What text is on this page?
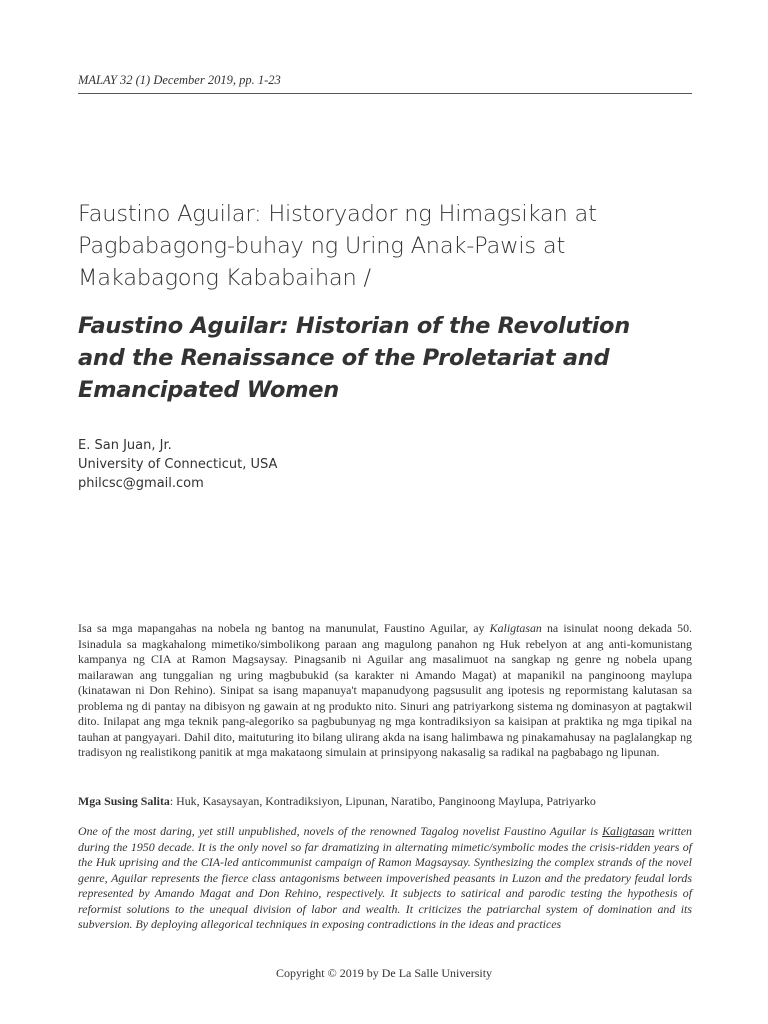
MALAY 32 (1) December 2019, pp. 1-23
Faustino Aguilar: Historyador ng Himagsikan at Pagbabagong-buhay ng Uring Anak-Pawis at Makabagong Kababaihan /
Faustino Aguilar: Historian of the Revolution and the Renaissance of the Proletariat and Emancipated Women
E. San Juan, Jr.
University of Connecticut, USA
philcsc@gmail.com

Isa sa mga mapangahas na nobela ng bantog na manunulat, Faustino Aguilar, ay Kaligtasan na isinulat noong dekada 50. Isinadula sa magkahalong mimetiko/simbolikong paraan ang magulong panahon ng Huk rebelyon at ang anti-komunistang kampanya ng CIA at Ramon Magsaysay. Pinagsanib ni Aguilar ang masalimuot na sangkap ng genre ng nobela upang mailarawan ang tunggalian ng uring magbubukid (sa karakter ni Amando Magat) at mapanikil na panginoong maylupa (kinatawan ni Don Rehino). Sinipat sa isang mapanuya't mapanudyong pagsusulit ang ipotesis ng repormistang kalutasan sa problema ng di pantay na dibisyon ng gawain at ng produkto nito. Sinuri ang patriyarkong sistema ng dominasyon at pagtakwil dito. Inilapat ang mga teknik pang-alegoriko sa pagbubunyag ng mga kontradiksiyon sa kaisipan at praktika ng mga tipikal na tauhan at pangyayari. Dahil dito, maituturing ito bilang ulirang akda na isang halimbawa ng pinakamahusay na paglalangkap ng tradisyon ng realistikong panitik at mga makataong simulain at prinsipyong nakasalig sa radikal na pagbabago ng lipunan.

Mga Susing Salita: Huk, Kasaysayan, Kontradiksiyon, Lipunan, Naratibo, Panginoong Maylupa, Patriyarko

One of the most daring, yet still unpublished, novels of the renowned Tagalog novelist Faustino Aguilar is Kaligtasan written during the 1950 decade. It is the only novel so far dramatizing in alternating mimetic/symbolic modes the crisis-ridden years of the Huk uprising and the CIA-led anticommunist campaign of Ramon Magsaysay. Synthesizing the complex strands of the novel genre, Aguilar represents the fierce class antagonisms between impoverished peasants in Luzon and the predatory feudal lords represented by Amando Magat and Don Rehino, respectively. It subjects to satirical and parodic testing the hypothesis of reformist solutions to the unequal division of labor and wealth. It criticizes the patriarchal system of domination and its subversion. By deploying allegorical techniques in exposing contradictions in the ideas and practices

Copyright © 2019 by De La Salle University
